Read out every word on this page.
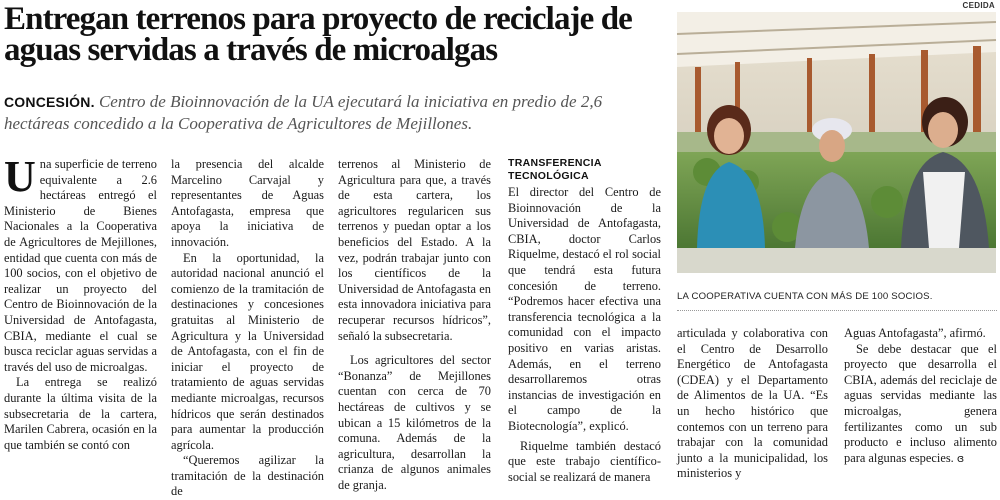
Entregan terrenos para proyecto de reciclaje de aguas servidas a través de microalgas

CONCESIÓN. Centro de Bioinnovación de la UA ejecutará la iniciativa en predio de 2,6 hectáreas concedido a la Cooperativa de Agricultores de Mejillones.

U na superficie de terreno equivalente a 2.6 hectáreas entregó el Ministerio de Bienes Nacionales a la Cooperativa de Agricultores de Mejillones, entidad que cuenta con más de 100 socios, con el objetivo de realizar un proyecto del Centro de Bioinnovación de la Universidad de Antofagasta, CBIA, mediante el cual se busca reciclar aguas servidas a través del uso de microalgas.

La entrega se realizó durante la última visita de la subsecretaria de la cartera, Marilen Cabrera, ocasión en la que también se contó con

la presencia del alcalde Marcelino Carvajal y representantes de Aguas Antofagasta, empresa que apoya la iniciativa de innovación.

En la oportunidad, la autoridad nacional anunció el comienzo de la tramitación de destinaciones y concesiones gratuitas al Ministerio de Agricultura y la Universidad de Antofagasta, con el fin de iniciar el proyecto de tratamiento de aguas servidas mediante microalgas, recursos hídricos que serán destinados para aumentar la producción agrícola.

“Queremos agilizar la tramitación de la destinación de

terrenos al Ministerio de Agricultura para que, a través de esta cartera, los agricultores regularicen sus terrenos y puedan optar a los beneficios del Estado. A la vez, podrán trabajar junto con los científicos de la Universidad de Antofagasta en esta innovadora iniciativa para recuperar recursos hídricos”, señaló la subsecretaria.

Los agricultores del sector “Bonanza” de Mejillones cuentan con cerca de 70 hectáreas de cultivos y se ubican a 15 kilómetros de la comuna. Además de la agricultura, desarrollan la crianza de algunos animales de granja.

TRANSFERENCIA
TECNOLÓGICA

El director del Centro de Bioinnovación de la Universidad de Antofagasta, CBIA, doctor Carlos Riquelme, destacó el rol social que tendrá esta futura concesión de terreno. “Podremos hacer efectiva una transferencia tecnológica a la comunidad con el impacto positivo en varias aristas. Además, en el terreno desarrollaremos otras instancias de investigación en el campo de la Biotecnología”, explicó.

Riquelme también destacó que este trabajo científico-social se realizará de manera

articulada y colaborativa con el Centro de Desarrollo Energético de Antofagasta (CDEA) y el Departamento de Alimentos de la UA. “Es un hecho histórico que contemos con un terreno para trabajar con la comunidad junto a la municipalidad, los ministerios y

Aguas Antofagasta”, afirmó.

Se debe destacar que el proyecto que desarrolla el CBIA, además del reciclaje de aguas servidas mediante las microalgas, genera fertilizantes como un sub producto e incluso alimento para algunas especies. ɞ

CEDIDA

LA COOPERATIVA CUENTA CON MÁS DE 100 SOCIOS.
